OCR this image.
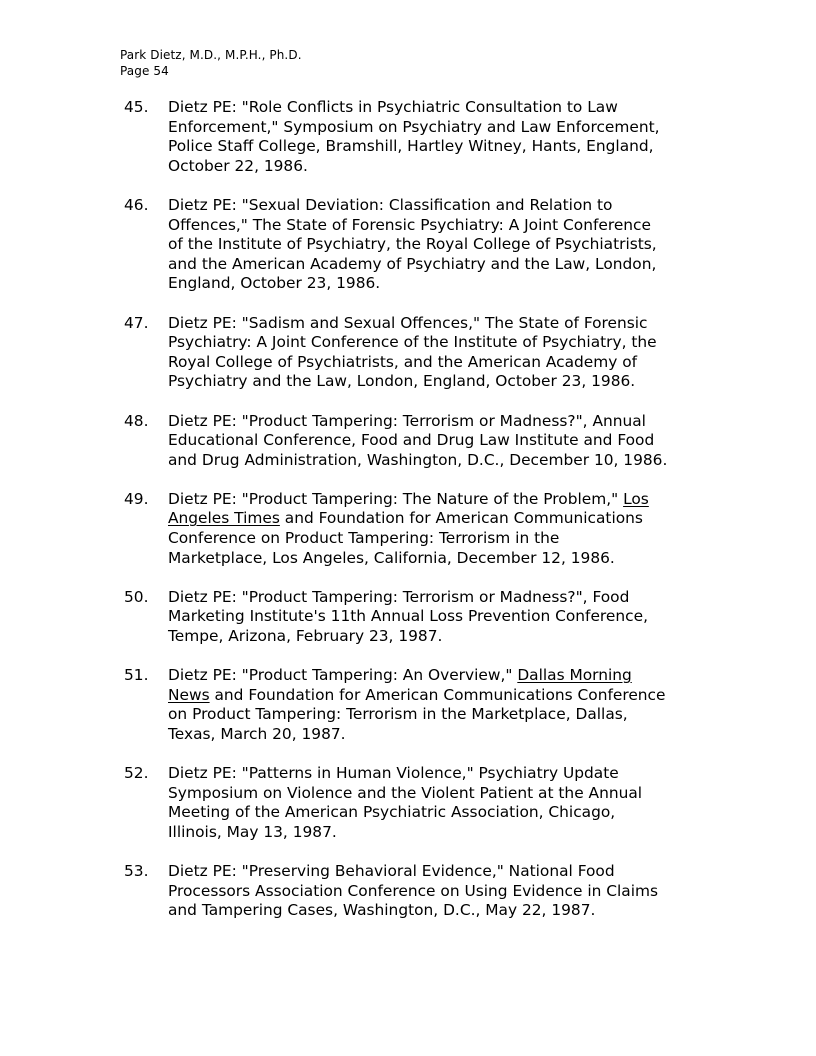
Park Dietz, M.D., M.P.H., Ph.D.
Page 54
45. Dietz PE: "Role Conflicts in Psychiatric Consultation to Law
Enforcement," Symposium on Psychiatry and Law Enforcement,
Police Staff College, Bramshill, Hartley Witney, Hants, England,
October 22, 1986.
46. Dietz PE: "Sexual Deviation: Classification and Relation to
Offences," The State of Forensic Psychiatry: A Joint Conference
of the Institute of Psychiatry, the Royal College of Psychiatrists,
and the American Academy of Psychiatry and the Law, London,
England, October 23, 1986.
47. Dietz PE: "Sadism and Sexual Offences," The State of Forensic
Psychiatry: A Joint Conference of the Institute of Psychiatry, the
Royal College of Psychiatrists, and the American Academy of
Psychiatry and the Law, London, England, October 23, 1986.
48. Dietz PE: "Product Tampering: Terrorism or Madness?", Annual
Educational Conference, Food and Drug Law Institute and Food
and Drug Administration, Washington, D.C., December 10, 1986.
49. Dietz PE: "Product Tampering: The Nature of the Problem," Los
Angeles Times and Foundation for American Communications
Conference on Product Tampering: Terrorism in the
Marketplace, Los Angeles, California, December 12, 1986.
50. Dietz PE: "Product Tampering: Terrorism or Madness?", Food
Marketing Institute's 11th Annual Loss Prevention Conference,
Tempe, Arizona, February 23, 1987.
51. Dietz PE: "Product Tampering: An Overview," Dallas Morning
News and Foundation for American Communications Conference
on Product Tampering: Terrorism in the Marketplace, Dallas,
Texas, March 20, 1987.
52. Dietz PE: "Patterns in Human Violence," Psychiatry Update
Symposium on Violence and the Violent Patient at the Annual
Meeting of the American Psychiatric Association, Chicago,
Illinois, May 13, 1987.
53. Dietz PE: "Preserving Behavioral Evidence," National Food
Processors Association Conference on Using Evidence in Claims
and Tampering Cases, Washington, D.C., May 22, 1987.
